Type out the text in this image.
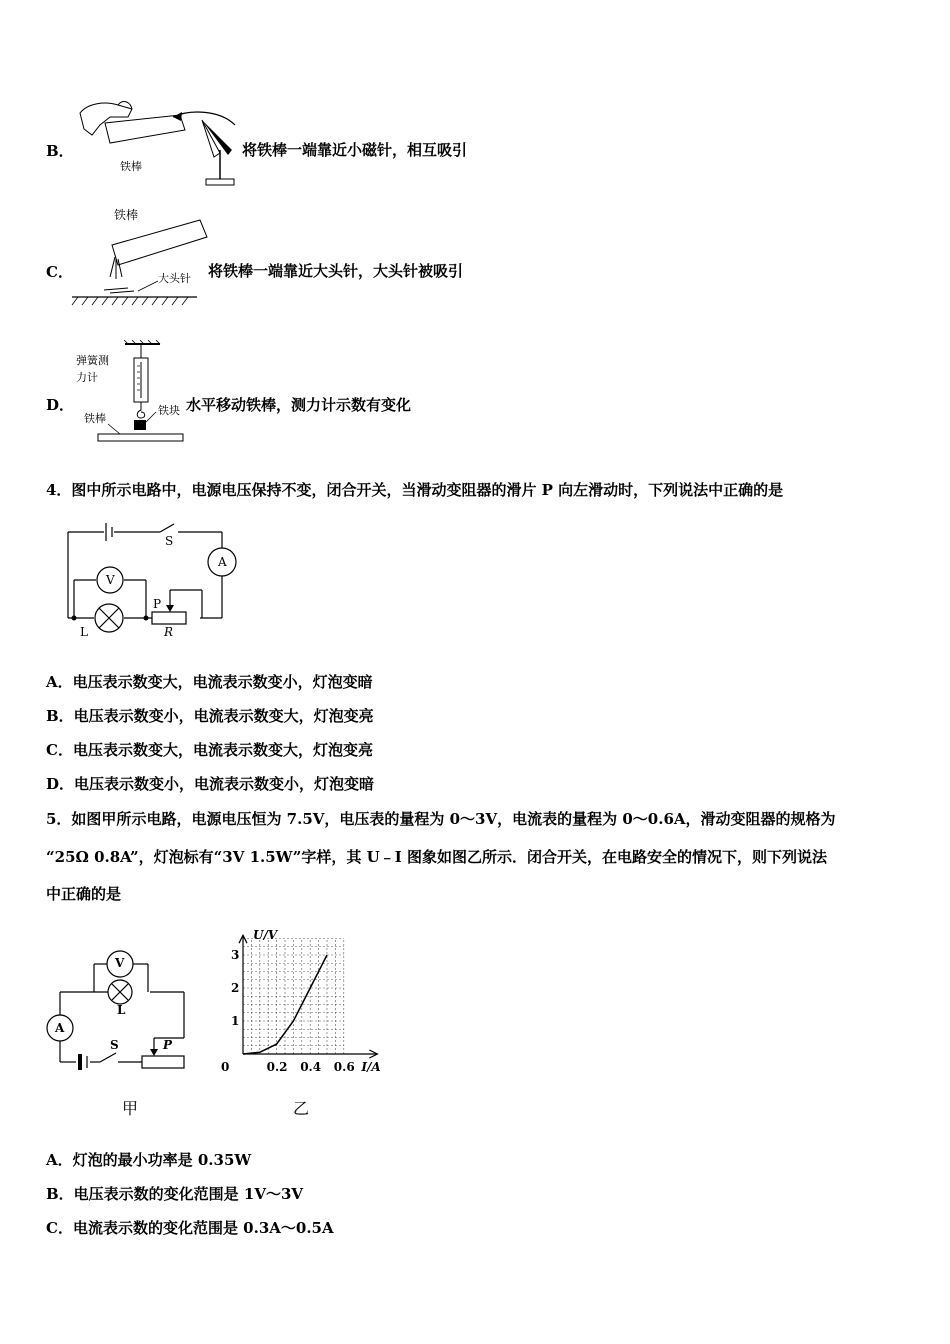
B．
铁棒
将铁棒一端靠近小磁针，相互吸引
C．
铁棒
大头针 将铁棒一端靠近大头针，大头针被吸引
D．
弹簧测
力计
铁块
铁棒
水平移动铁棒，测力计示数有变化
4．图中所示电路中，电源电压保持不变，闭合开关，当滑动变阻器的滑片 P 向左滑动时，下列说法中正确的是
S
A
V
P
L	R
A．电压表示数变大，电流表示数变小，灯泡变暗
B．电压表示数变小，电流表示数变大，灯泡变亮
C．电压表示数变大，电流表示数变大，灯泡变亮
D．电压表示数变小，电流表示数变小，灯泡变暗
5．如图甲所示电路，电源电压恒为 7.5V，电压表的量程为 0～3V，电流表的量程为 0～0.6A，滑动变阻器的规格为
“25Ω 0.8A”，灯泡标有“3V 1.5W”字样，其 U﹣I 图象如图乙所示．闭合开关，在电路安全的情况下，则下列说法
中正确的是
V
L
A
S	P
甲
U/V
I/A
0	0.2 0.4 0.6
1
2
3
乙
A．灯泡的最小功率是 0.35W
B．电压表示数的变化范围是 1V～3V
C．电流表示数的变化范围是 0.3A～0.5A
